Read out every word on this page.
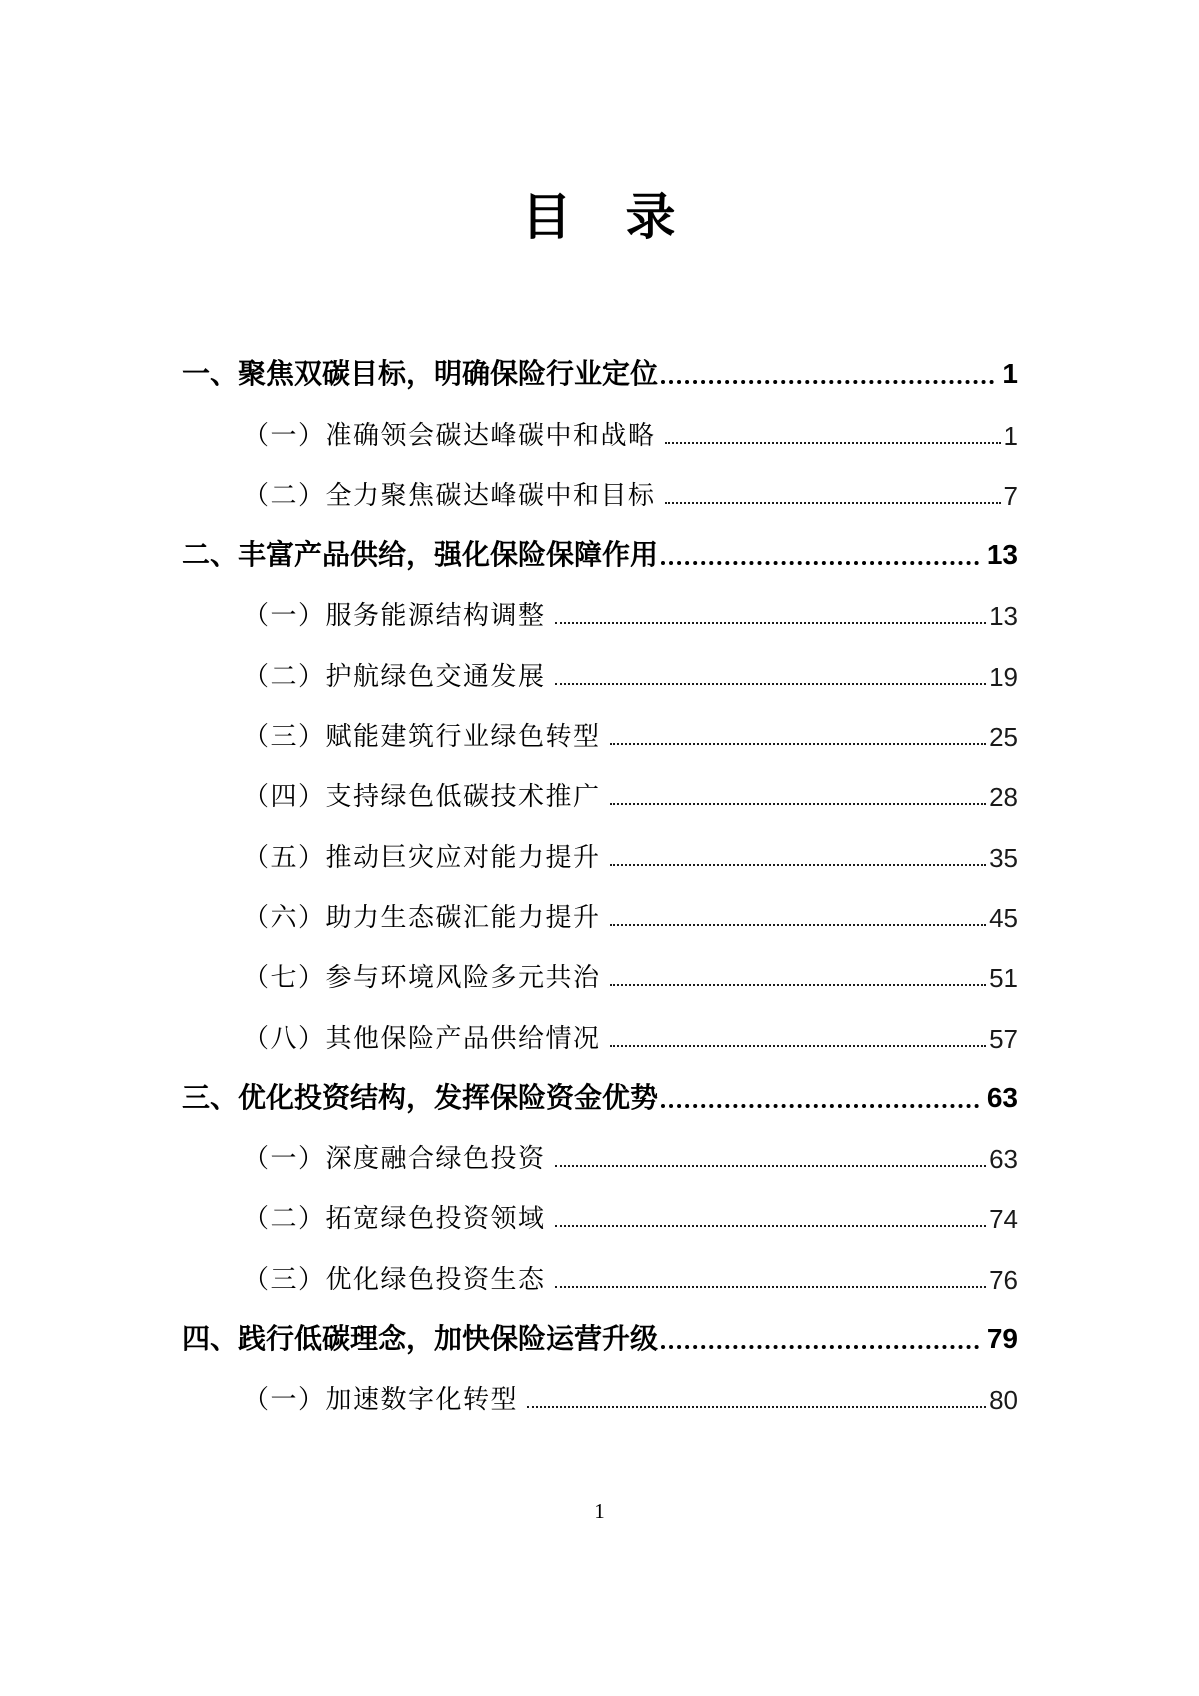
目　录
一、聚焦双碳目标，明确保险行业定位	1
（一）准确领会碳达峰碳中和战略	1
（二）全力聚焦碳达峰碳中和目标	7
二、丰富产品供给，强化保险保障作用	13
（一）服务能源结构调整	13
（二）护航绿色交通发展	19
（三）赋能建筑行业绿色转型	25
（四）支持绿色低碳技术推广	28
（五）推动巨灾应对能力提升	35
（六）助力生态碳汇能力提升	45
（七）参与环境风险多元共治	51
（八）其他保险产品供给情况	57
三、优化投资结构，发挥保险资金优势	63
（一）深度融合绿色投资	63
（二）拓宽绿色投资领域	74
（三）优化绿色投资生态	76
四、践行低碳理念，加快保险运营升级	79
（一）加速数字化转型	80
1
